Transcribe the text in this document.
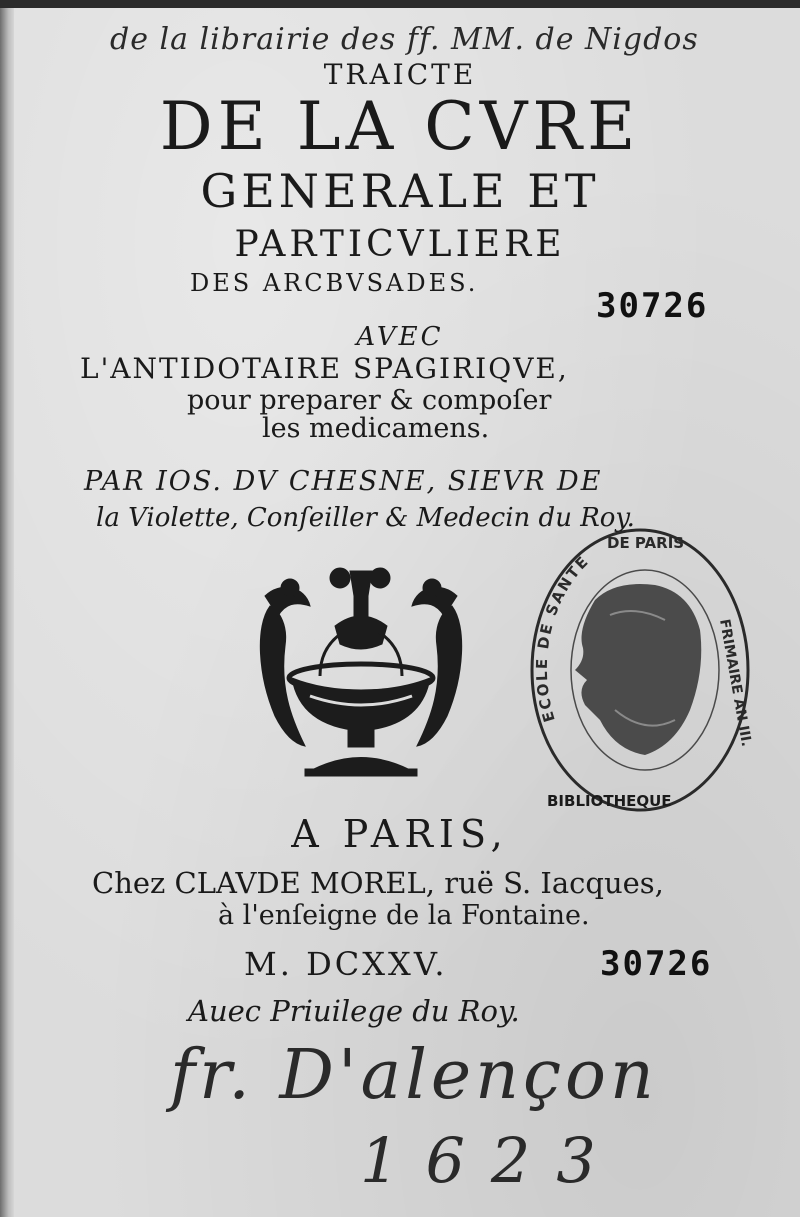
de la librairie des ff. MM. de Nigdos
TRAICTE
DE LA CVRE
GENERALE ET
PARTICVLIERE
DES ARCBVSADES.
30726
AVEC
L'ANTIDOTAIRE SPAGIRIQVE,
pour preparer & compoſer
les medicamens.
PAR IOS. DV CHESNE, SIEVR DE
la Violette, Conſeiller & Medecin du Roy.
ECOLE DE SANTE
DE PARIS
FRIMAIRE AN III.
BIBLIOTHEQUE
A PARIS,
Chez CLAVDE MOREL, ruë S. Iacques,
à l'enſeigne de la Fontaine.
M. DCXXV.	30726
Auec Priuilege du Roy.
fr. D'alençon
1623
